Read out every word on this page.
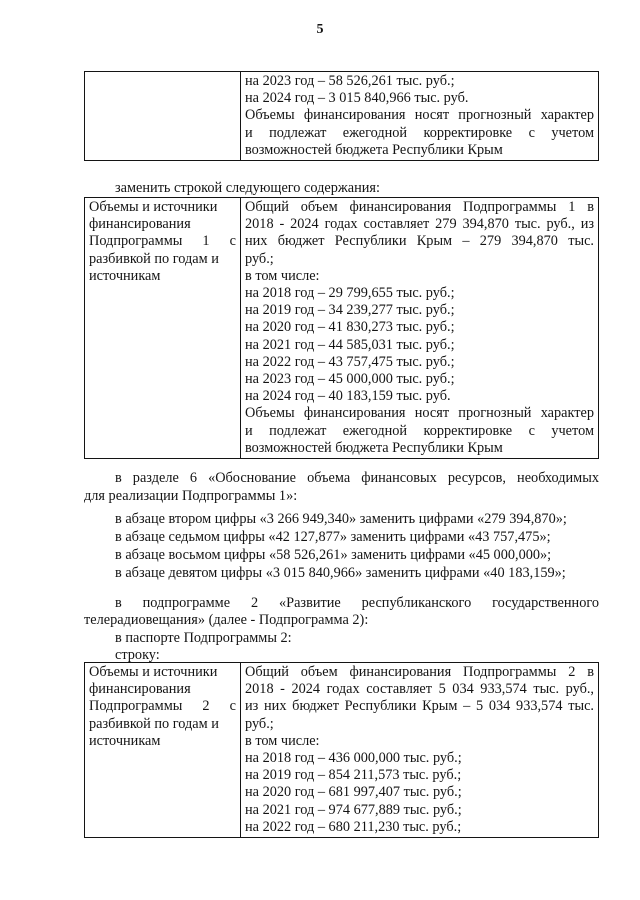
5

на 2023 год – 58 526,261 тыс. руб.;
на 2024 год – 3 015 840,966 тыс. руб.
Объемы финансирования носят прогнозный характер
и подлежат ежегодной корректировке с учетом
возможностей бюджета Республики Крым
заменить строкой следующего содержания:
Объемы и источники
финансирования
Подпрограммы 1 с
разбивкой по годам и
источникам

Общий объем финансирования Подпрограммы 1 в
2018 - 2024 годах составляет 279 394,870 тыс. руб., из
них бюджет Республики Крым – 279 394,870 тыс.
руб.;
в том числе:
на 2018 год – 29 799,655 тыс. руб.;
на 2019 год – 34 239,277 тыс. руб.;
на 2020 год – 41 830,273 тыс. руб.;
на 2021 год – 44 585,031 тыс. руб.;
на 2022 год – 43 757,475 тыс. руб.;
на 2023 год – 45 000,000 тыс. руб.;
на 2024 год – 40 183,159 тыс. руб.
Объемы финансирования носят прогнозный характер
и подлежат ежегодной корректировке с учетом
возможностей бюджета Республики Крым
в разделе 6 «Обоснование объема финансовых ресурсов, необходимых
для реализации Подпрограммы 1»:
в абзаце втором цифры «3 266 949,340» заменить цифрами «279 394,870»;
в абзаце седьмом цифры «42 127,877» заменить цифрами «43 757,475»;
в абзаце восьмом цифры «58 526,261» заменить цифрами «45 000,000»;
в абзаце девятом цифры «3 015 840,966» заменить цифрами «40 183,159»;
в подпрограмме 2 «Развитие республиканского государственного
телерадиовещания» (далее - Подпрограмма 2):
в паспорте Подпрограммы 2:
строку:
Объемы и источники
финансирования
Подпрограммы 2 с
разбивкой по годам и
источникам

Общий объем финансирования Подпрограммы 2 в
2018 - 2024 годах составляет 5 034 933,574 тыс. руб.,
из них бюджет Республики Крым – 5 034 933,574 тыс.
руб.;
в том числе:
на 2018 год – 436 000,000 тыс. руб.;
на 2019 год – 854 211,573 тыс. руб.;
на 2020 год – 681 997,407 тыс. руб.;
на 2021 год – 974 677,889 тыс. руб.;
на 2022 год – 680 211,230 тыс. руб.;
